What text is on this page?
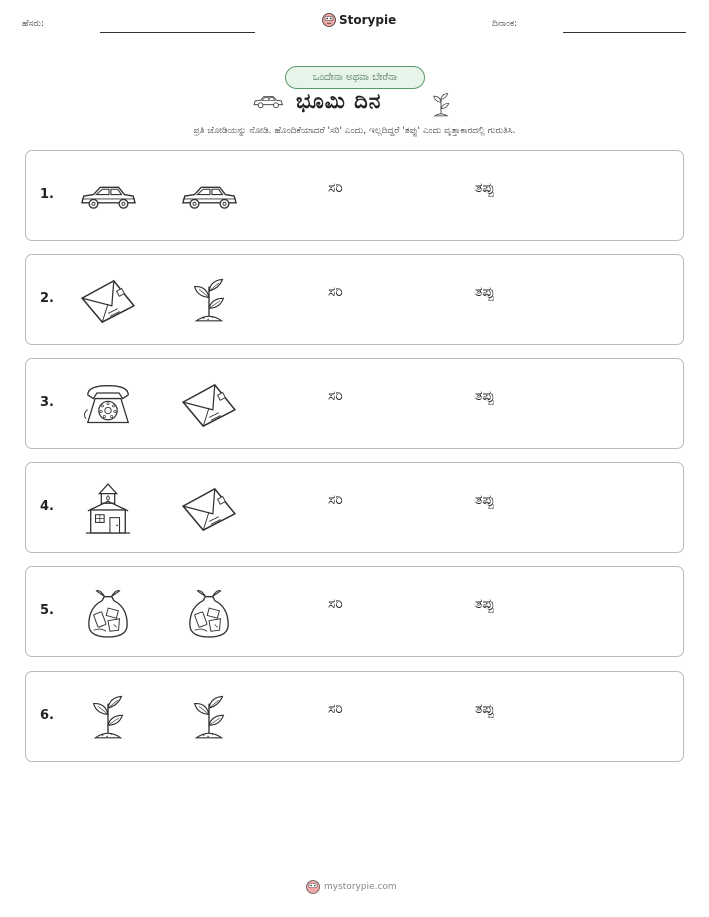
ಹೆಸರು:	Storypie	ದಿನಾಂಕ:
ಒಂದೇನಾ ಅಥವಾ ಬೇರೆನಾ
ಭೂಮಿ ದಿನ
ಪ್ರತಿ ಜೋಡಿಯನ್ನು ನೋಡಿ. ಹೊಂದಿಕೆಯಾದರೆ 'ಸರಿ' ಎಂದು, ಇಲ್ಲದಿದ್ದರೆ 'ತಪ್ಪು' ಎಂದು ವೃತ್ತಾಕಾರದಲ್ಲಿ ಗುರುತಿಸಿ.
1.	ಸರಿ	ತಪ್ಪು
2.	ಸರಿ	ತಪ್ಪು
3.	ಸರಿ	ತಪ್ಪು
4.	ಸರಿ	ತಪ್ಪು
5.	ಸರಿ	ತಪ್ಪು
6.	ಸರಿ	ತಪ್ಪು
mystorypie.com
